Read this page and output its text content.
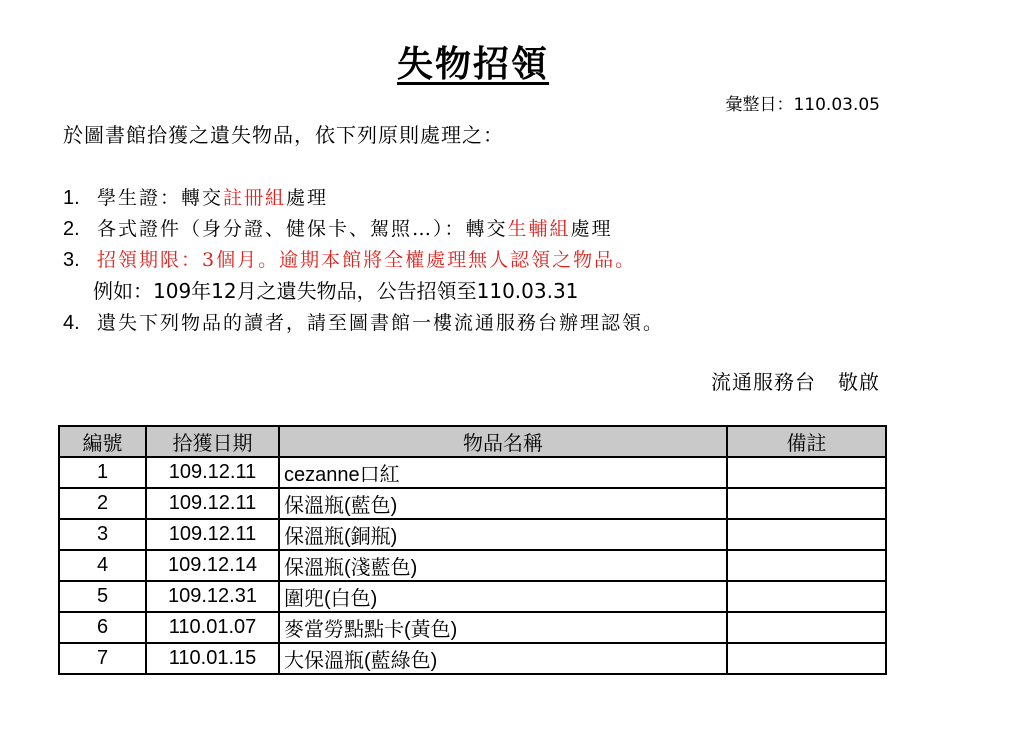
失物招領
彙整日：110.03.05
於圖書館拾獲之遺失物品，依下列原則處理之：
1. 學生證：轉交註冊組處理
2. 各式證件（身分證、健保卡、駕照…）：轉交生輔組處理
3. 招領期限：3個月。逾期本館將全權處理無人認領之物品。
例如：109年12月之遺失物品，公告招領至110.03.31
4. 遺失下列物品的讀者，請至圖書館一樓流通服務台辦理認領。
流通服務台 敬啟
編號	拾獲日期	物品名稱	備註
1	109.12.11	cezanne口紅	
2	109.12.11	保溫瓶(藍色)	
3	109.12.11	保溫瓶(銅瓶)	
4	109.12.14	保溫瓶(淺藍色)	
5	109.12.31	圍兜(白色)	
6	110.01.07	麥當勞點點卡(黃色)	
7	110.01.15	大保溫瓶(藍綠色)	
